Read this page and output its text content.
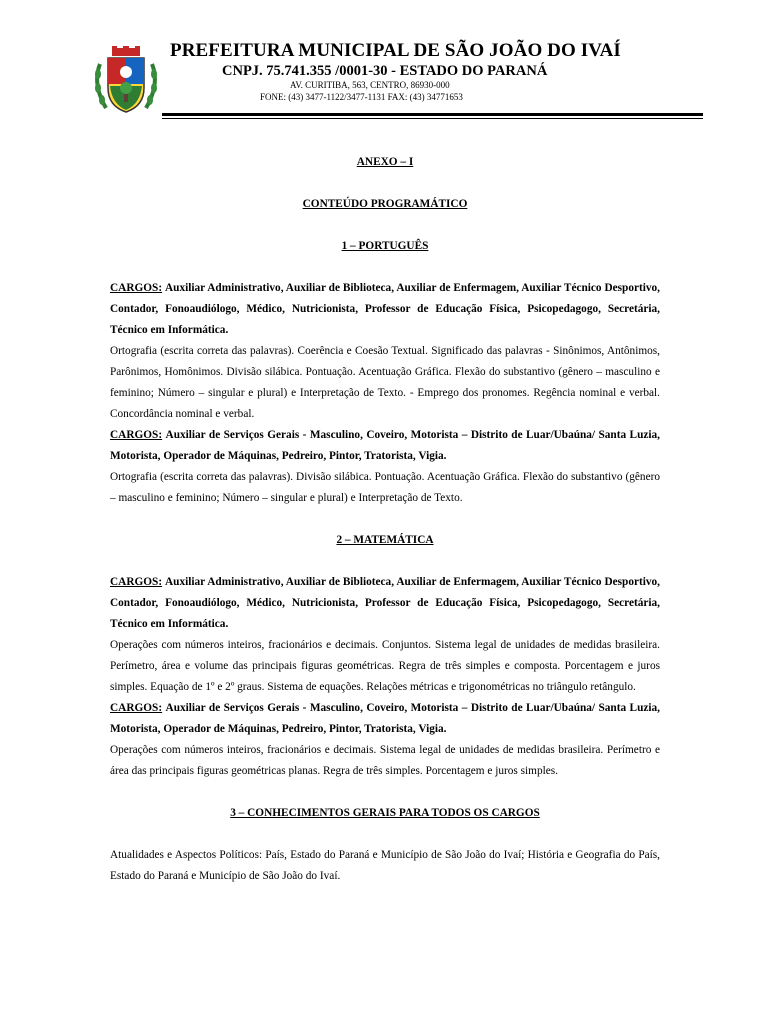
PREFEITURA MUNICIPAL DE SÃO JOÃO DO IVAÍ
CNPJ. 75.741.355 /0001-30 - ESTADO DO PARANÁ
AV. CURITIBA, 563, CENTRO, 86930-000
FONE: (43) 3477-1122/3477-1131 FAX: (43) 34771653
ANEXO – I
CONTEÚDO PROGRAMÁTICO
1 – PORTUGUÊS

CARGOS: Auxiliar Administrativo, Auxiliar de Biblioteca, Auxiliar de Enfermagem, Auxiliar Técnico Desportivo, Contador, Fonoaudiólogo, Médico, Nutricionista, Professor de Educação Física, Psicopedagogo, Secretária, Técnico em Informática.

Ortografia (escrita correta das palavras). Coerência e Coesão Textual. Significado das palavras - Sinônimos, Antônimos, Parônimos, Homônimos. Divisão silábica. Pontuação. Acentuação Gráfica. Flexão do substantivo (gênero – masculino e feminino; Número – singular e plural) e Interpretação de Texto. - Emprego dos pronomes. Regência nominal e verbal. Concordância nominal e verbal.

CARGOS: Auxiliar de Serviços Gerais - Masculino, Coveiro, Motorista – Distrito de Luar/Ubaúna/ Santa Luzia, Motorista, Operador de Máquinas, Pedreiro, Pintor, Tratorista, Vigia.

Ortografia (escrita correta das palavras). Divisão silábica. Pontuação. Acentuação Gráfica. Flexão do substantivo (gênero – masculino e feminino; Número – singular e plural) e Interpretação de Texto.

2 – MATEMÁTICA

CARGOS: Auxiliar Administrativo, Auxiliar de Biblioteca, Auxiliar de Enfermagem, Auxiliar Técnico Desportivo, Contador, Fonoaudiólogo, Médico, Nutricionista, Professor de Educação Física, Psicopedagogo, Secretária, Técnico em Informática.

Operações com números inteiros, fracionários e decimais. Conjuntos. Sistema legal de unidades de medidas brasileira. Perímetro, área e volume das principais figuras geométricas. Regra de três simples e composta. Porcentagem e juros simples. Equação de 1º e 2º graus. Sistema de equações. Relações métricas e trigonométricas no triângulo retângulo.

CARGOS: Auxiliar de Serviços Gerais - Masculino, Coveiro, Motorista – Distrito de Luar/Ubaúna/ Santa Luzia, Motorista, Operador de Máquinas, Pedreiro, Pintor, Tratorista, Vigia.

Operações com números inteiros, fracionários e decimais. Sistema legal de unidades de medidas brasileira. Perímetro e área das principais figuras geométricas planas. Regra de três simples. Porcentagem e juros simples.

3 – CONHECIMENTOS GERAIS PARA TODOS OS CARGOS

Atualidades e Aspectos Políticos: País, Estado do Paraná e Município de São João do Ivaí; História e Geografia do País, Estado do Paraná e Município de São João do Ivaí.
